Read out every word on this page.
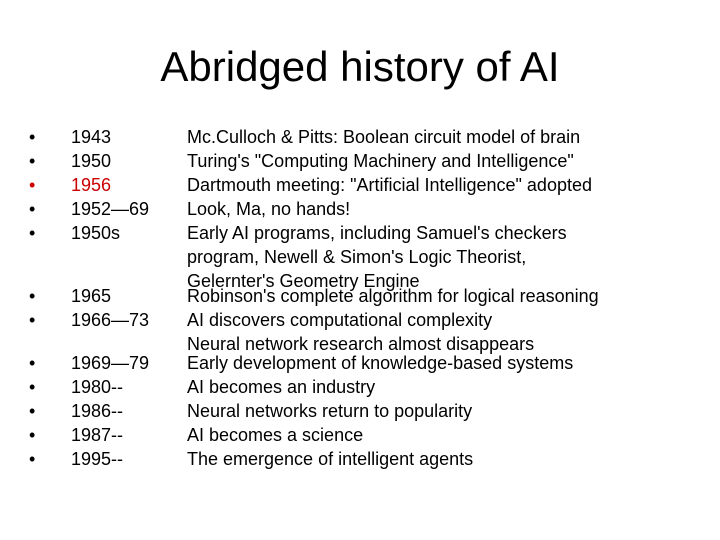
Abridged history of AI
• 1943	Mc.Culloch & Pitts: Boolean circuit model of brain
• 1950	Turing's "Computing Machinery and Intelligence"
• 1956	Dartmouth meeting: "Artificial Intelligence" adopted
• 1952—69 Look, Ma, no hands!
• 1950s	Early AI programs, including Samuel's checkers
program, Newell & Simon's Logic Theorist,
Gelernter's Geometry Engine
• 1965	Robinson's complete algorithm for logical reasoning
• 1966—73 AI discovers computational complexity
Neural network research almost disappears
• 1969—79 Early development of knowledge-based systems
• 1980--	AI becomes an industry
• 1986--	Neural networks return to popularity
• 1987--	AI becomes a science
• 1995--	The emergence of intelligent agents
